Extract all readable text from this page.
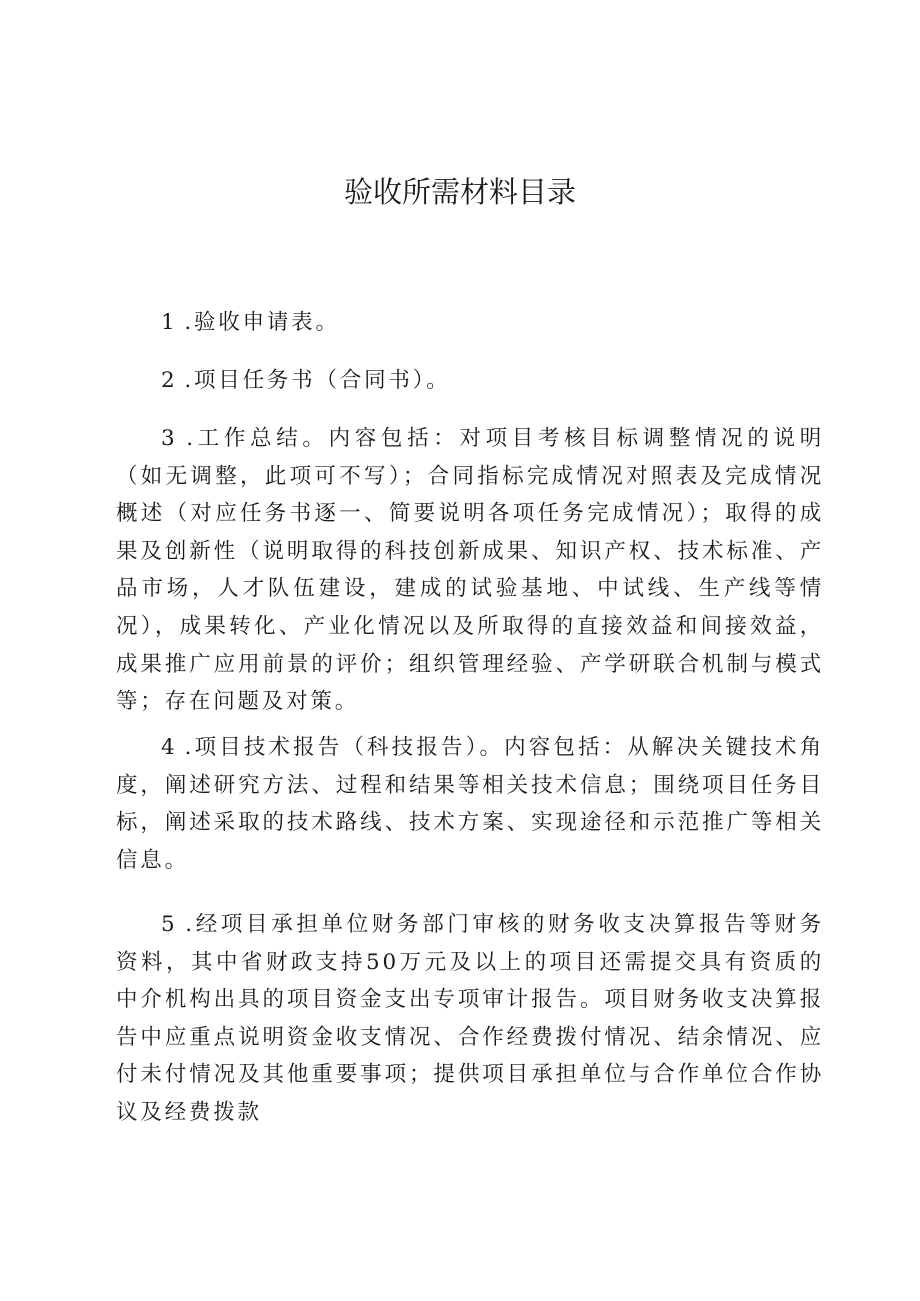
验收所需材料目录

1 .验收申请表。

2 .项目任务书（合同书）。

3 .工作总结。内容包括：对项目考核目标调整情况的说明（如无调整，此项可不写）；合同指标完成情况对照表及完成情况概述（对应任务书逐一、简要说明各项任务完成情况）；取得的成果及创新性（说明取得的科技创新成果、知识产权、技术标准、产品市场，人才队伍建设，建成的试验基地、中试线、生产线等情况），成果转化、产业化情况以及所取得的直接效益和间接效益，成果推广应用前景的评价；组织管理经验、产学研联合机制与模式等；存在问题及对策。

4 .项目技术报告（科技报告）。内容包括：从解决关键技术角度，阐述研究方法、过程和结果等相关技术信息；围绕项目任务目标，阐述采取的技术路线、技术方案、实现途径和示范推广等相关信息。

5 .经项目承担单位财务部门审核的财务收支决算报告等财务资料，其中省财政支持50万元及以上的项目还需提交具有资质的中介机构出具的项目资金支出专项审计报告。项目财务收支决算报告中应重点说明资金收支情况、合作经费拨付情况、结余情况、应付未付情况及其他重要事项；提供项目承担单位与合作单位合作协议及经费拨款
